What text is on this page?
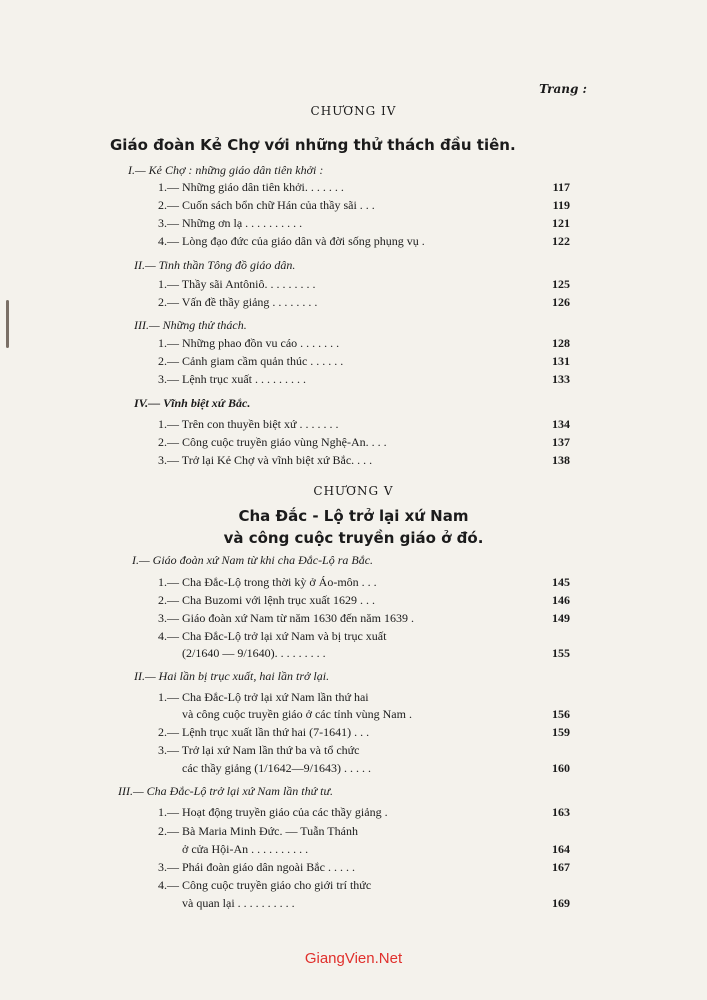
Trang :
CHƯƠNG IV
Giáo đoàn Kẻ Chợ với những thử thách đầu tiên.
I.— Kẻ Chợ : những giáo dân tiên khởi :
1.— Những giáo dân tiên khởi. . . . . . .	117
2.— Cuốn sách bổn chữ Hán của thầy sãi . . .	119
3.— Những ơn lạ . . . . . . . . . .	121
4.— Lòng đạo đức của giáo dân và đời sống phụng vụ .	122
II.— Tinh thần Tông đồ giáo dân.
1.— Thầy sãi Antôniô. . . . . . . . .	125
2.— Vấn đề thầy giảng . . . . . . . .	126
III.— Những thử thách.
1.— Những phao đồn vu cáo . . . . . . .	128
2.— Cảnh giam cầm quản thúc . . . . . .	131
3.— Lệnh trục xuất . . . . . . . . .	133
IV.— Vĩnh biệt xứ Bắc.
1.— Trên con thuyền biệt xứ . . . . . . .	134
2.— Công cuộc truyền giáo vùng Nghệ-An. . . .	137
3.— Trở lại Kẻ Chợ và vĩnh biệt xứ Bắc. . . .	138
CHƯƠNG V
Cha Đắc - Lộ trở lại xứ Nam
và công cuộc truyền giáo ở đó.
I.— Giáo đoàn xứ Nam từ khi cha Đắc-Lộ ra Bắc.
1.— Cha Đắc-Lộ trong thời kỳ ở Áo-môn . . .	145
2.— Cha Buzomi với lệnh trục xuất 1629 . . .	146
3.— Giáo đoàn xứ Nam từ năm 1630 đến năm 1639 .	149
4.— Cha Đắc-Lộ trở lại xứ Nam và bị trục xuất
(2/1640 — 9/1640). . . . . . . . .	155
II.— Hai lần bị trục xuất, hai lần trở lại.
1.— Cha Đắc-Lộ trở lại xứ Nam lần thứ hai
và công cuộc truyền giáo ở các tỉnh vùng Nam .	156
2.— Lệnh trục xuất lần thứ hai (7-1641) . . .	159
3.— Trở lại xứ Nam lần thứ ba và tổ chức
các thầy giảng (1/1642—9/1643) . . . . .	160
III.— Cha Đắc-Lộ trở lại xứ Nam lần thứ tư.
1.— Hoạt động truyền giáo của các thầy giảng .	163
2.— Bà Maria Minh Đức. — Tuẫn Thánh
ở cửa Hội-An . . . . . . . . . .	164
3.— Phái đoàn giáo dân ngoài Bắc . . . . .	167
4.— Công cuộc truyền giáo cho giới trí thức
và quan lại . . . . . . . . . .	169
GiangVien.Net
